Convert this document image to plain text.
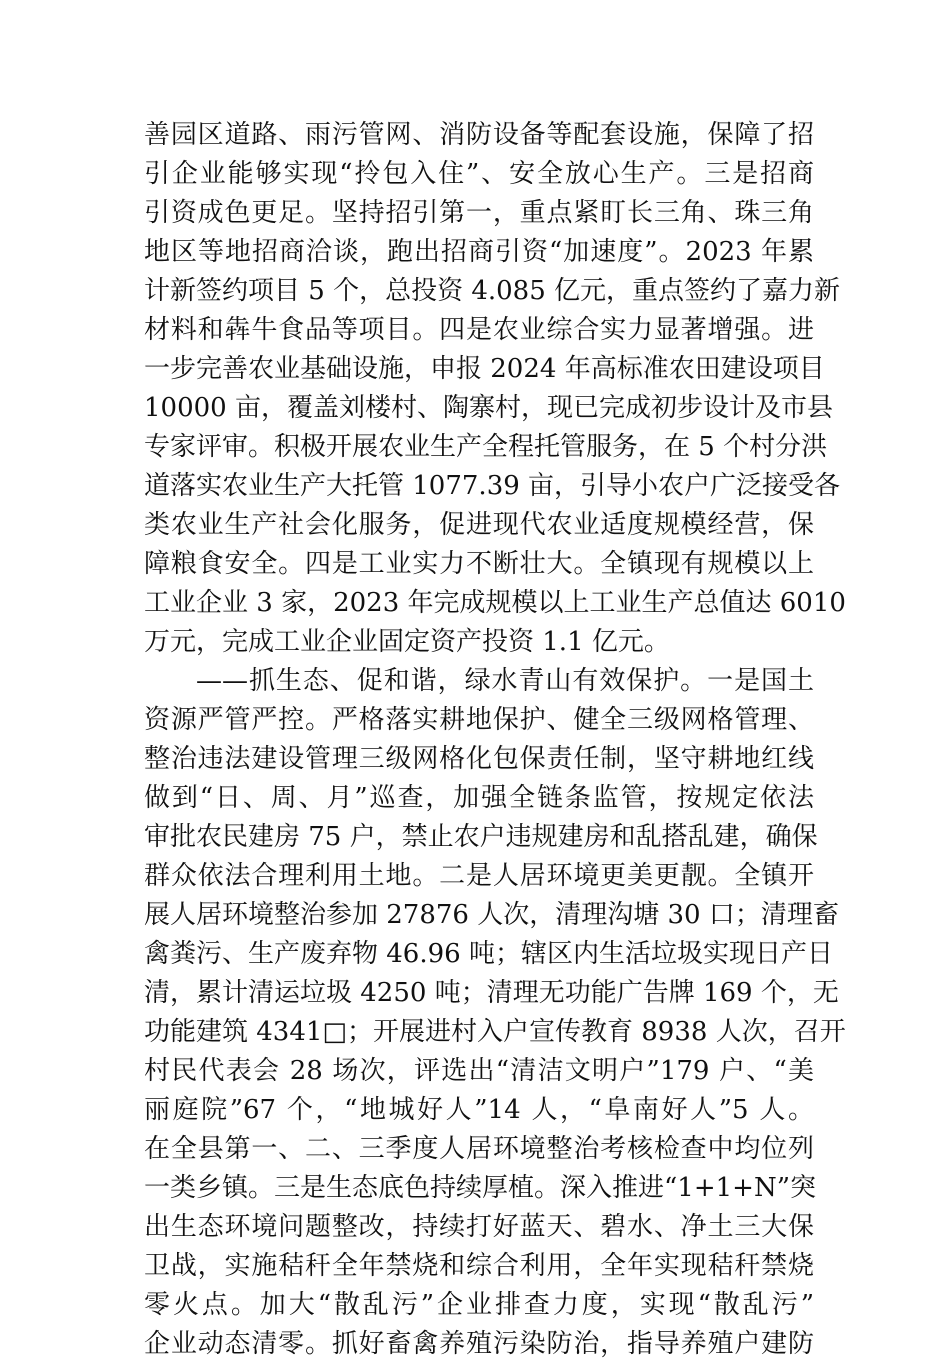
善园区道路、雨污管网、消防设备等配套设施，保障了招
引企业能够实现“拎包入住”、安全放心生产。三是招商
引资成色更足。坚持招引第一，重点紧盯长三角、珠三角
地区等地招商洽谈，跑出招商引资“加速度”。2023 年累
计新签约项目 5 个，总投资 4.085 亿元，重点签约了嘉力新
材料和犇牛食品等项目。四是农业综合实力显著增强。进
一步完善农业基础设施，申报 2024 年高标准农田建设项目
10000 亩，覆盖刘楼村、陶寨村，现已完成初步设计及市县
专家评审。积极开展农业生产全程托管服务，在 5 个村分洪
道落实农业生产大托管 1077.39 亩，引导小农户广泛接受各
类农业生产社会化服务，促进现代农业适度规模经营，保
障粮食安全。四是工业实力不断壮大。全镇现有规模以上
工业企业 3 家，2023 年完成规模以上工业生产总值达 6010
万元，完成工业企业固定资产投资 1.1 亿元。
——抓生态、促和谐，绿水青山有效保护。一是国土
资源严管严控。严格落实耕地保护、健全三级网格管理、
整治违法建设管理三级网格化包保责任制，坚守耕地红线
做到“日、周、月”巡查，加强全链条监管，按规定依法
审批农民建房 75 户，禁止农户违规建房和乱搭乱建，确保
群众依法合理利用土地。二是人居环境更美更靓。全镇开
展人居环境整治参加 27876 人次，清理沟塘 30 口；清理畜
禽粪污、生产废弃物 46.96 吨；辖区内生活垃圾实现日产日
清，累计清运垃圾 4250 吨；清理无功能广告牌 169 个，无
功能建筑 4341□；开展进村入户宣传教育 8938 人次，召开
村民代表会 28 场次，评选出“清洁文明户”179 户、“美
丽庭院”67 个，“地城好人”14 人，“阜南好人”5 人。
在全县第一、二、三季度人居环境整治考核检查中均位列
一类乡镇。三是生态底色持续厚植。深入推进“1+1+N”突
出生态环境问题整改，持续打好蓝天、碧水、净土三大保
卫战，实施秸秆全年禁烧和综合利用，全年实现秸秆禁烧
零火点。加大“散乱污”企业排查力度，实现“散乱污”
企业动态清零。抓好畜禽养殖污染防治，指导养殖户建防
